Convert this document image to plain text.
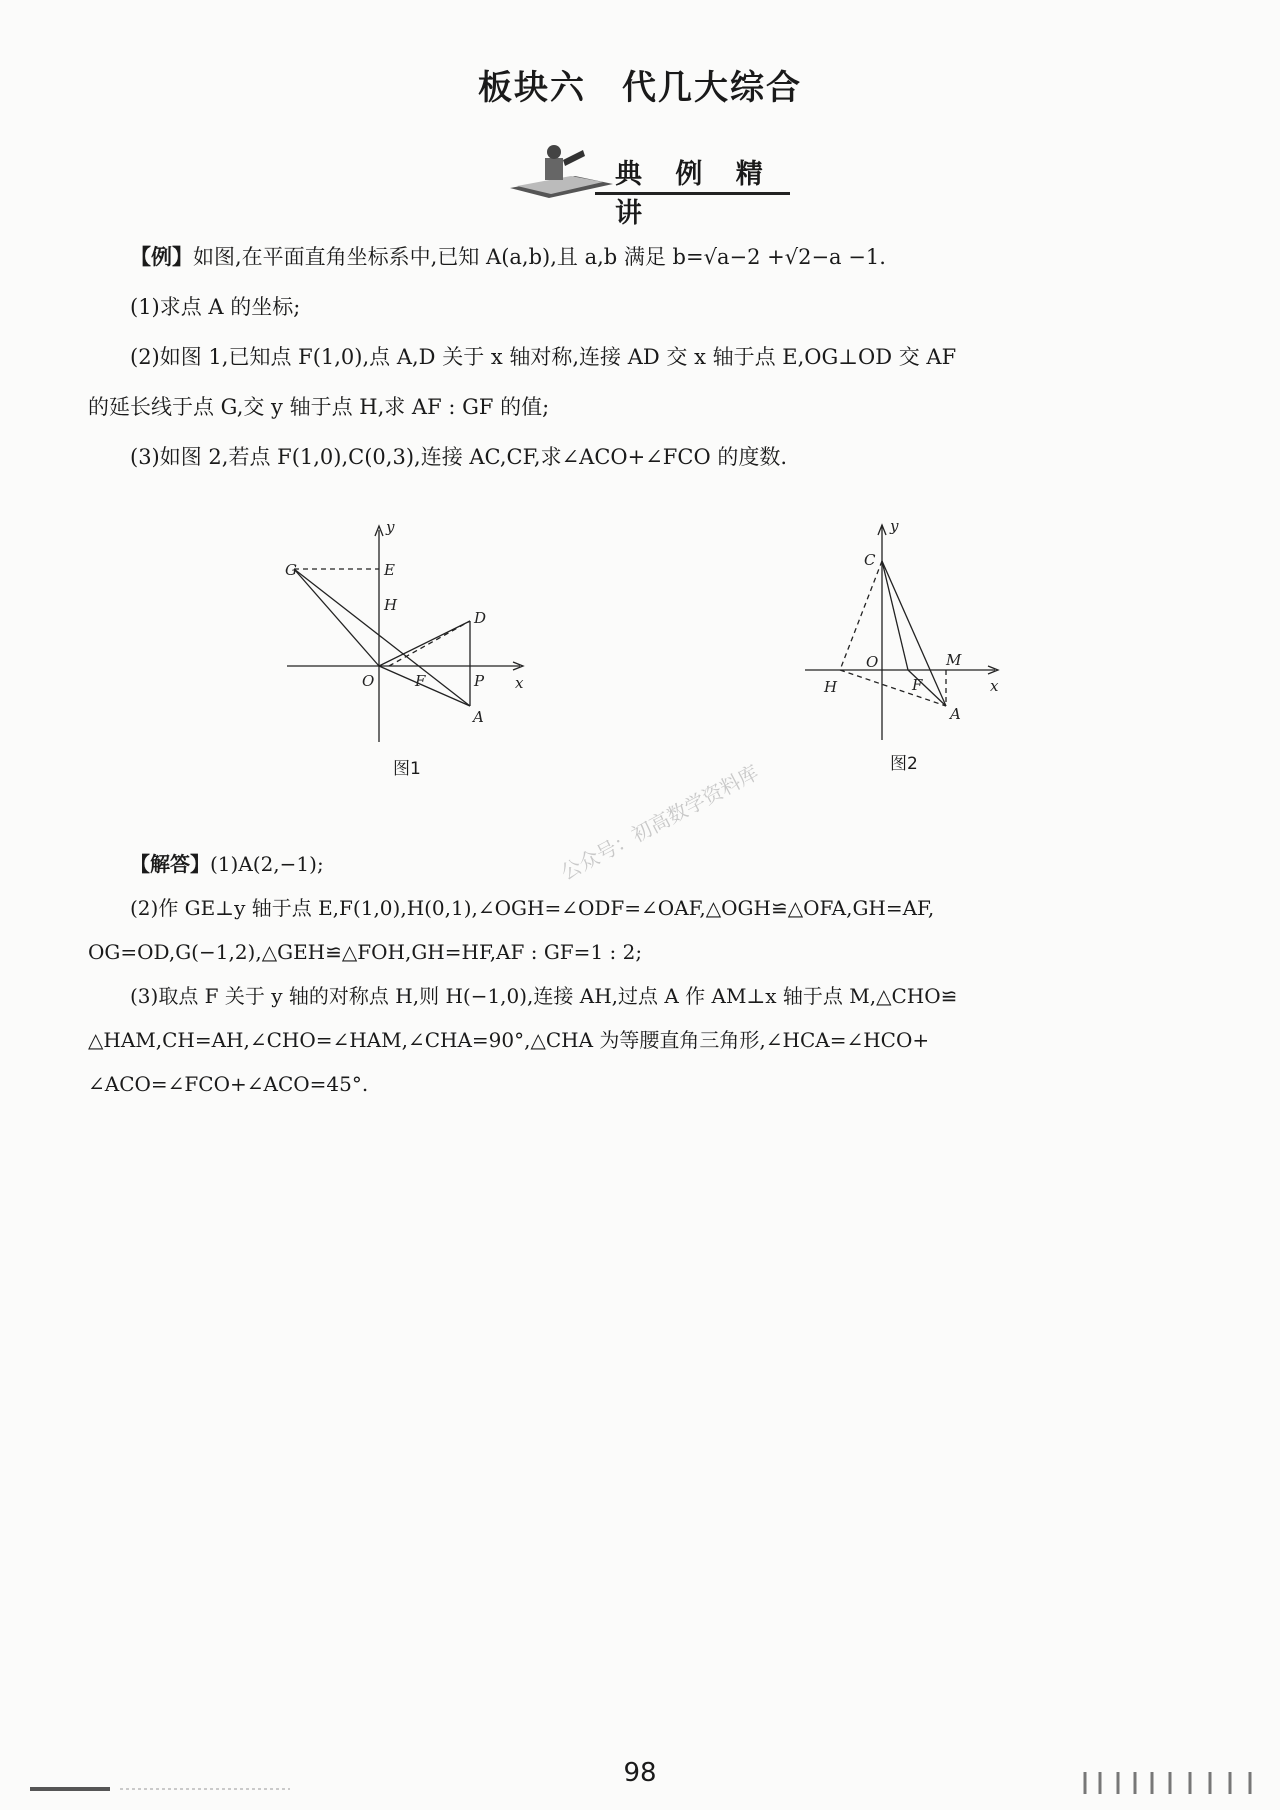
板块六　代几大综合
典 例 精 讲
【例】如图,在平面直角坐标系中,已知 A(a,b),且 a,b 满足 b=√a−2 +√2−a −1.
(1)求点 A 的坐标;
(2)如图 1,已知点 F(1,0),点 A,D 关于 x 轴对称,连接 AD 交 x 轴于点 E,OG⊥OD 交 AF
的延长线于点 G,交 y 轴于点 H,求 AF : GF 的值;
(3)如图 2,若点 F(1,0),C(0,3),连接 AC,CF,求∠ACO+∠FCO 的度数.
y
x
G	E
H
D
O	F	P
A
图1
y
x
C
O
H	F
M
A
图2
公众号：初高数学资料库
【解答】(1)A(2,−1);
(2)作 GE⊥y 轴于点 E,F(1,0),H(0,1),∠OGH=∠ODF=∠OAF,△OGH≌△OFA,GH=AF,
OG=OD,G(−1,2),△GEH≌△FOH,GH=HF,AF : GF=1 : 2;
(3)取点 F 关于 y 轴的对称点 H,则 H(−1,0),连接 AH,过点 A 作 AM⊥x 轴于点 M,△CHO≌
△HAM,CH=AH,∠CHO=∠HAM,∠CHA=90°,△CHA 为等腰直角三角形,∠HCA=∠HCO+
∠ACO=∠FCO+∠ACO=45°.
98
